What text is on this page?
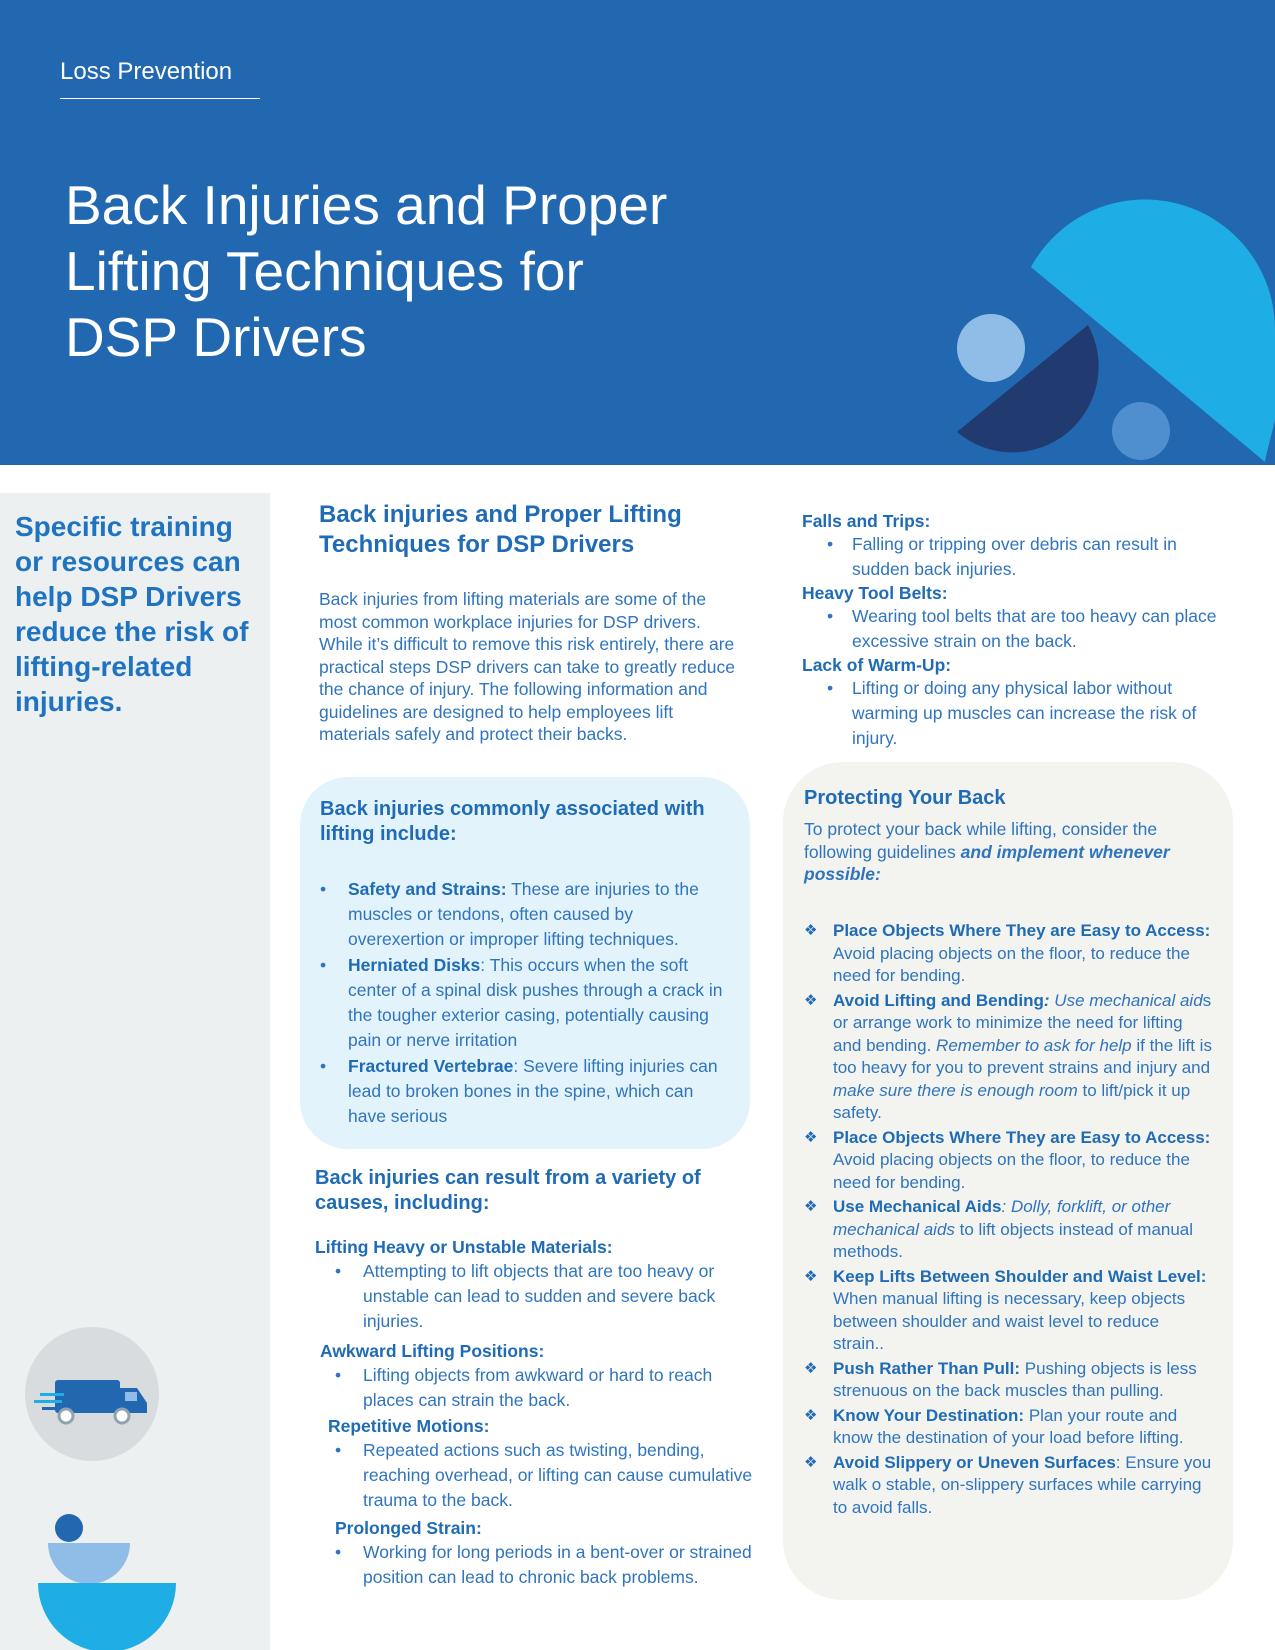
Loss Prevention
Back Injuries and Proper
Lifting Techniques for
DSP Drivers
Specific training or resources can help DSP Drivers reduce the risk of lifting-related injuries.
Back injuries and Proper Lifting Techniques for DSP Drivers
Back injuries from lifting materials are some of the most common workplace injuries for DSP drivers. While it’s difficult to remove this risk entirely, there are practical steps DSP drivers can take to greatly reduce the chance of injury. The following information and guidelines are designed to help employees lift materials safely and protect their backs.
Back injuries commonly associated with lifting include:
• Safety and Strains: These are injuries to the muscles or tendons, often caused by overexertion or improper lifting techniques.
• Herniated Disks: This occurs when the soft center of a spinal disk pushes through a crack in the tougher exterior casing, potentially causing pain or nerve irritation
• Fractured Vertebrae: Severe lifting injuries can lead to broken bones in the spine, which can have serious
Back injuries can result from a variety of causes, including:
Lifting Heavy or Unstable Materials:
• Attempting to lift objects that are too heavy or unstable can lead to sudden and severe back injuries.
Awkward Lifting Positions:
• Lifting objects from awkward or hard to reach places can strain the back.
Repetitive Motions:
• Repeated actions such as twisting, bending, reaching overhead, or lifting can cause cumulative trauma to the back.
Prolonged Strain:
• Working for long periods in a bent-over or strained position can lead to chronic back problems.
Falls and Trips:
• Falling or tripping over debris can result in sudden back injuries.
Heavy Tool Belts:
• Wearing tool belts that are too heavy can place excessive strain on the back.
Lack of Warm-Up:
• Lifting or doing any physical labor without warming up muscles can increase the risk of injury.
Protecting Your Back
To protect your back while lifting, consider the following guidelines and implement whenever possible:
❖ Place Objects Where They are Easy to Access: Avoid placing objects on the floor, to reduce the need for bending.
❖ Avoid Lifting and Bending: Use mechanical aids or arrange work to minimize the need for lifting and bending. Remember to ask for help if the lift is too heavy for you to prevent strains and injury and make sure there is enough room to lift/pick it up safety.
❖ Place Objects Where They are Easy to Access: Avoid placing objects on the floor, to reduce the need for bending.
❖ Use Mechanical Aids: Dolly, forklift, or other mechanical aids to lift objects instead of manual methods.
❖ Keep Lifts Between Shoulder and Waist Level:
When manual lifting is necessary, keep objects between shoulder and waist level to reduce strain..
❖ Push Rather Than Pull: Pushing objects is less strenuous on the back muscles than pulling.
❖ Know Your Destination: Plan your route and know the destination of your load before lifting.
❖ Avoid Slippery or Uneven Surfaces: Ensure you walk o stable, on-slippery surfaces while carrying to avoid falls.
